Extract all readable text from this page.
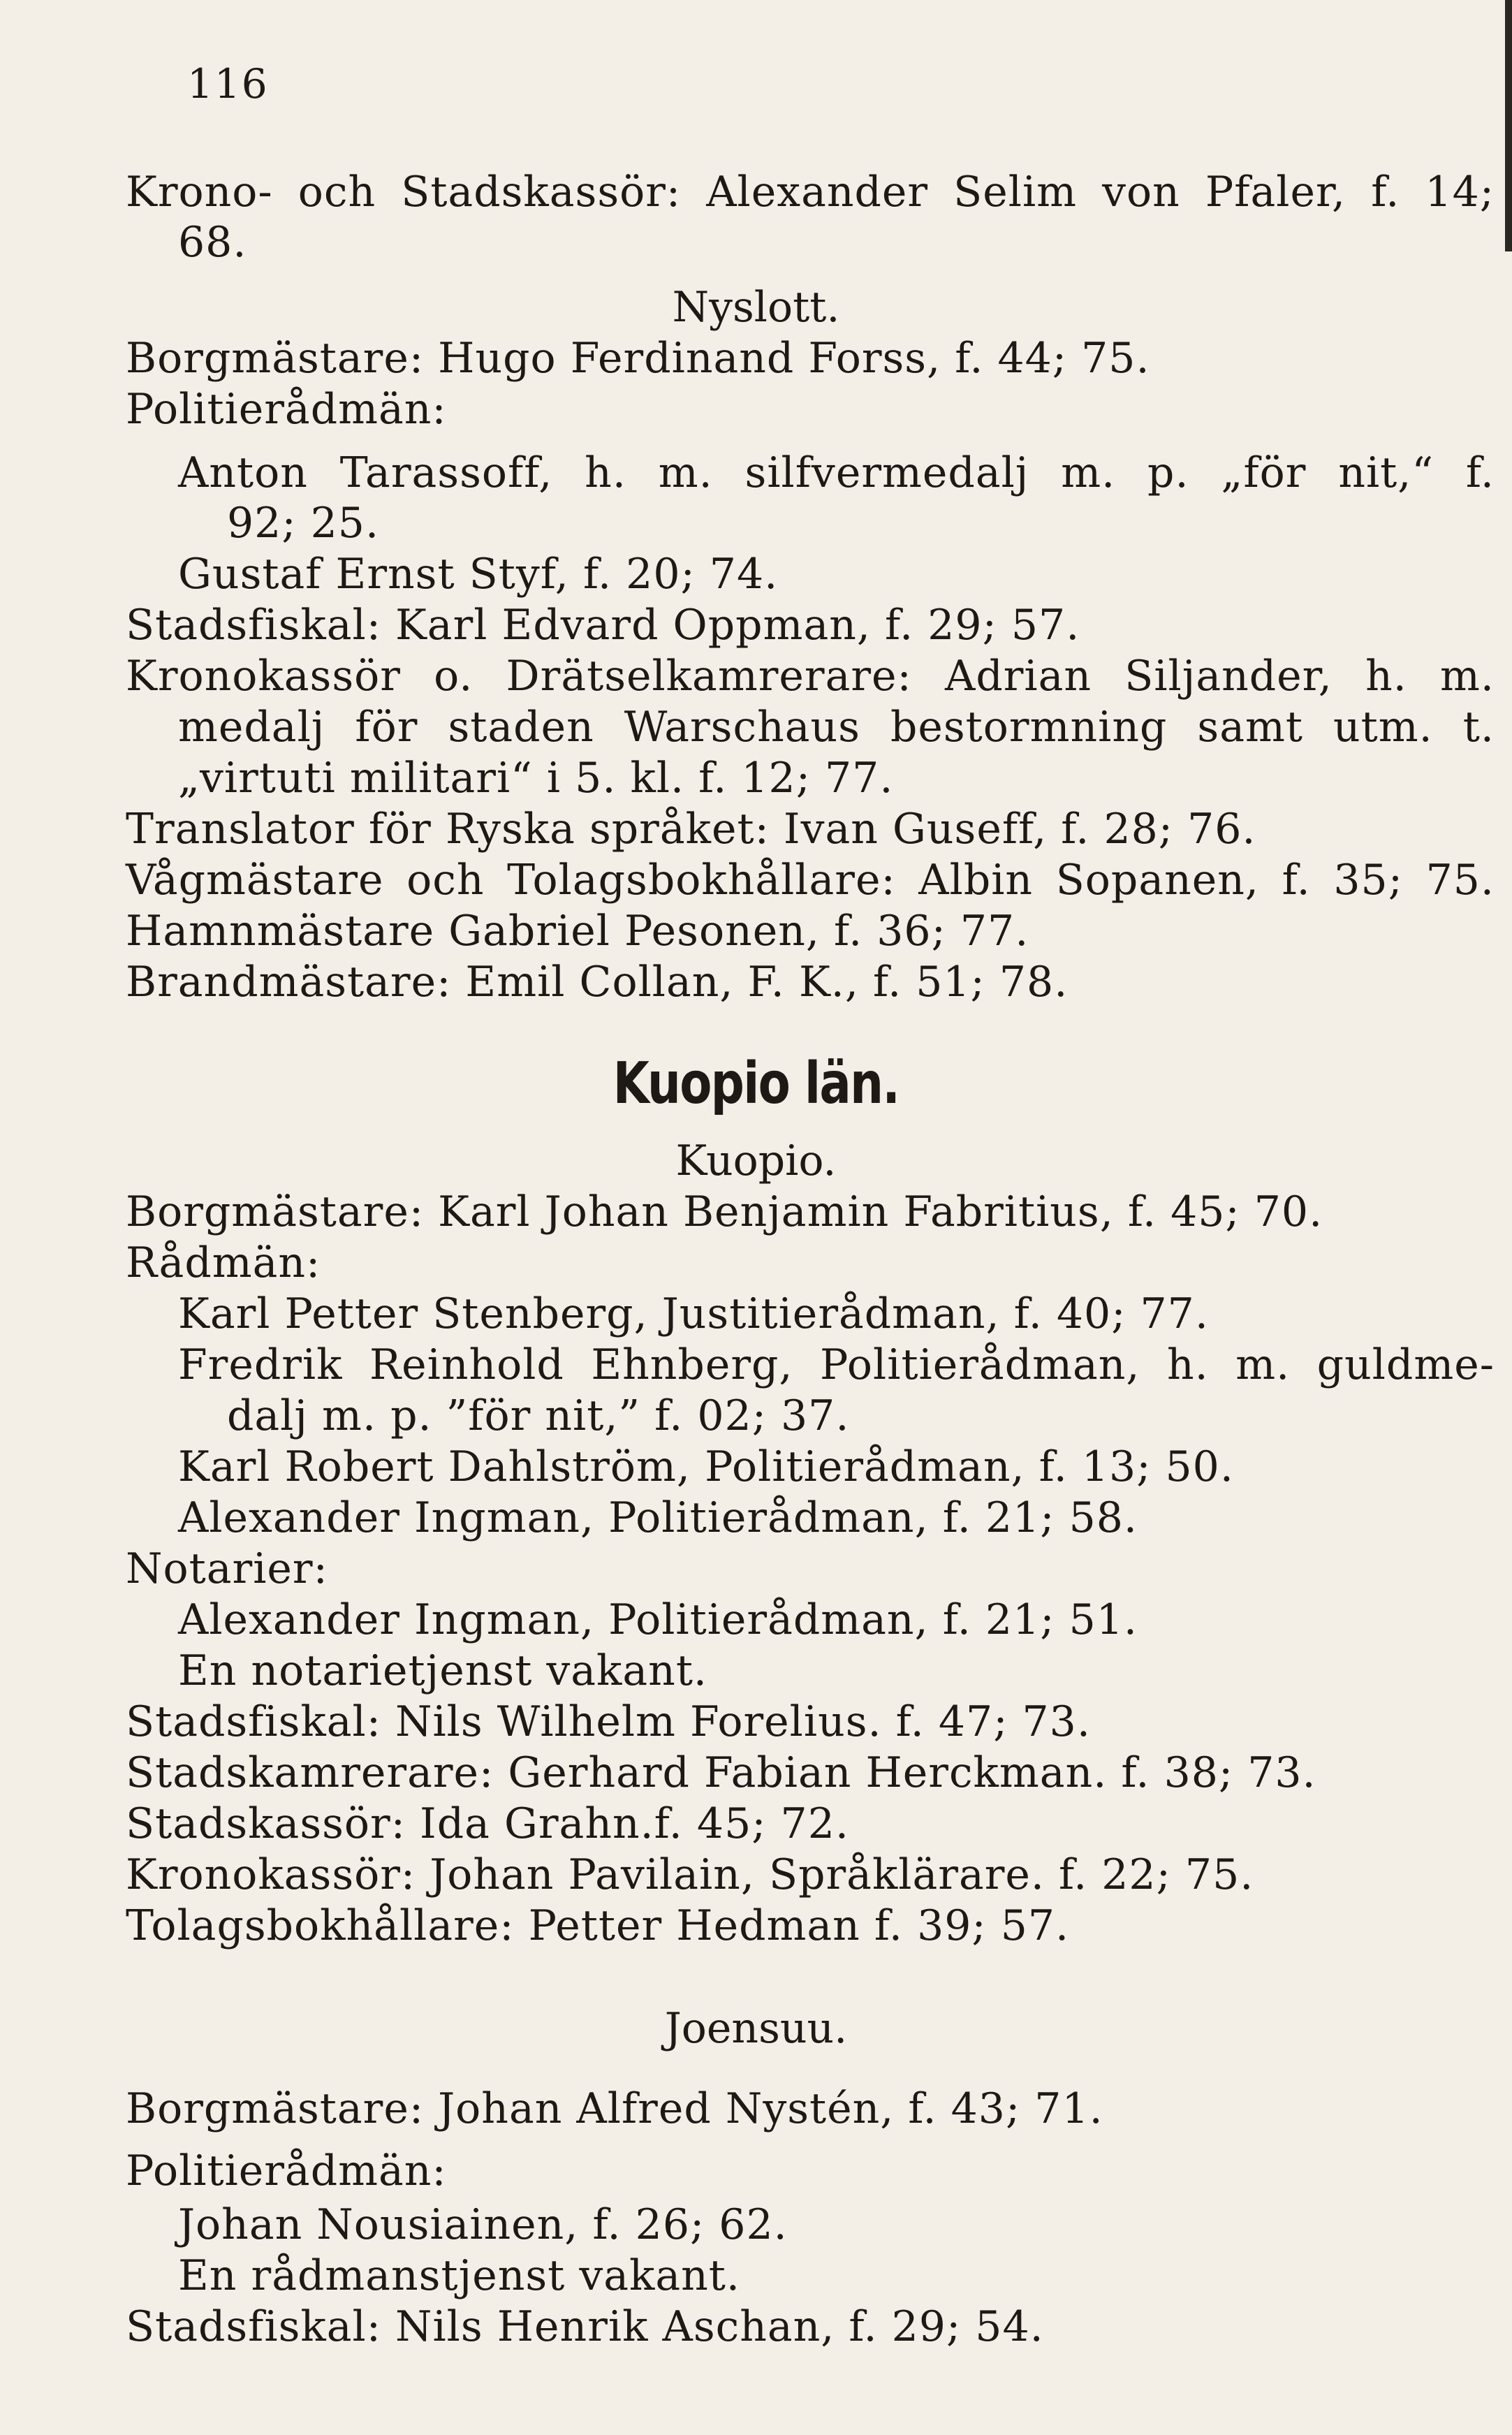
116
Krono- och Stadskassör: Alexander Selim von Pfaler, f. 14;
68.
Nyslott.
Borgmästare: Hugo Ferdinand Forss, f. 44; 75.
Politierådmän:
Anton Tarassoff, h. m. silfvermedalj m. p. „för nit,“ f.
92; 25.
Gustaf Ernst Styf, f. 20; 74.
Stadsfiskal: Karl Edvard Oppman, f. 29; 57.
Kronokassör o. Drätselkamrerare: Adrian Siljander, h. m.
medalj för staden Warschaus bestormning samt utm. t.
„virtuti militari“ i 5. kl. f. 12; 77.
Translator för Ryska språket: Ivan Guseff, f. 28; 76.
Vågmästare och Tolagsbokhållare: Albin Sopanen, f. 35; 75.
Hamnmästare Gabriel Pesonen, f. 36; 77.
Brandmästare: Emil Collan, F. K., f. 51; 78.
Kuopio län.
Kuopio.
Borgmästare: Karl Johan Benjamin Fabritius, f. 45; 70.
Rådmän:
Karl Petter Stenberg, Justitierådman, f. 40; 77.
Fredrik Reinhold Ehnberg, Politierådman, h. m. guldme-
dalj m. p. ”för nit,” f. 02; 37.
Karl Robert Dahlström, Politierådman, f. 13; 50.
Alexander Ingman, Politierådman, f. 21; 58.
Notarier:
Alexander Ingman, Politierådman, f. 21; 51.
En notarietjenst vakant.
Stadsfiskal: Nils Wilhelm Forelius. f. 47; 73.
Stadskamrerare: Gerhard Fabian Herckman. f. 38; 73.
Stadskassör: Ida Grahn.f. 45; 72.
Kronokassör: Johan Pavilain, Språklärare. f. 22; 75.
Tolagsbokhållare: Petter Hedman f. 39; 57.
Joensuu.
Borgmästare: Johan Alfred Nystén, f. 43; 71.
Politierådmän:
Johan Nousiainen, f. 26; 62.
En rådmanstjenst vakant.
Stadsfiskal: Nils Henrik Aschan, f. 29; 54.
